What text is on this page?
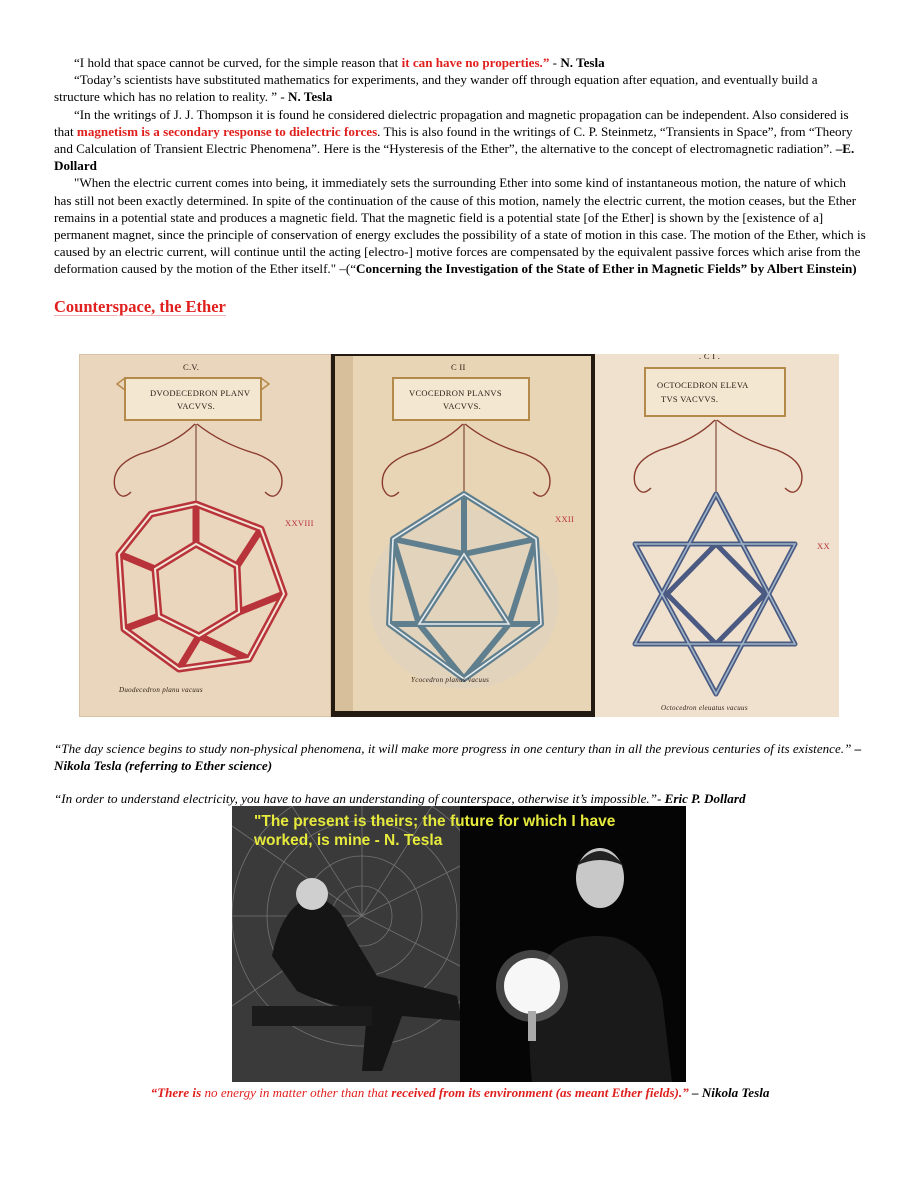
“I hold that space cannot be curved, for the simple reason that it can have no properties.” - N. Tesla

“Today’s scientists have substituted mathematics for experiments, and they wander off through equation after equation, and eventually build a structure which has no relation to reality. ” - N. Tesla

“In the writings of J. J. Thompson it is found he considered dielectric propagation and magnetic propagation can be independent. Also considered is that magnetism is a secondary response to dielectric forces. This is also found in the writings of C. P. Steinmetz, “Transients in Space”, from “Theory and Calculation of Transient Electric Phenomena”. Here is the “Hysteresis of the Ether”, the alternative to the concept of electromagnetic radiation”. –E. Dollard

"When the electric current comes into being, it immediately sets the surrounding Ether into some kind of instantaneous motion, the nature of which has still not been exactly determined. In spite of the continuation of the cause of this motion, namely the electric current, the motion ceases, but the Ether remains in a potential state and produces a magnetic field. That the magnetic field is a potential state [of the Ether] is shown by the [existence of a] permanent magnet, since the principle of conservation of energy excludes the possibility of a state of motion in this case. The motion of the Ether, which is caused by an electric current, will continue until the acting [electro-] motive forces are compensated by the equivalent passive forces which arise from the deformation caused by the motion of the Ether itself." –(“Concerning the Investigation of the State of Ether in Magnetic Fields” by Albert Einstein)

Counterspace, the Ether
C.V.
DVODECEDRON PLANV
VACVVS.
XXVIII
Duodecedron planu vacuus
C II
VCOCEDRON PLANVS
VACVVS.
XXII
Ycocedron planus vacuus
. C I .
OCTOCEDRON ELEVA
TVS VACVVS.
XX
Octocedron eleuatus vacuus

“The day science begins to study non-physical phenomena, it will make more progress in one century than in all the previous centuries of its existence.” – Nikola Tesla (referring to Ether science)

“In order to understand electricity, you have to have an understanding of counterspace, otherwise it’s impossible.”- Eric P. Dollard

"The present is theirs; the future for which I have worked, is mine - N. Tesla

“There is no energy in matter other than that received from its environment (as meant Ether fields).” – Nikola Tesla
